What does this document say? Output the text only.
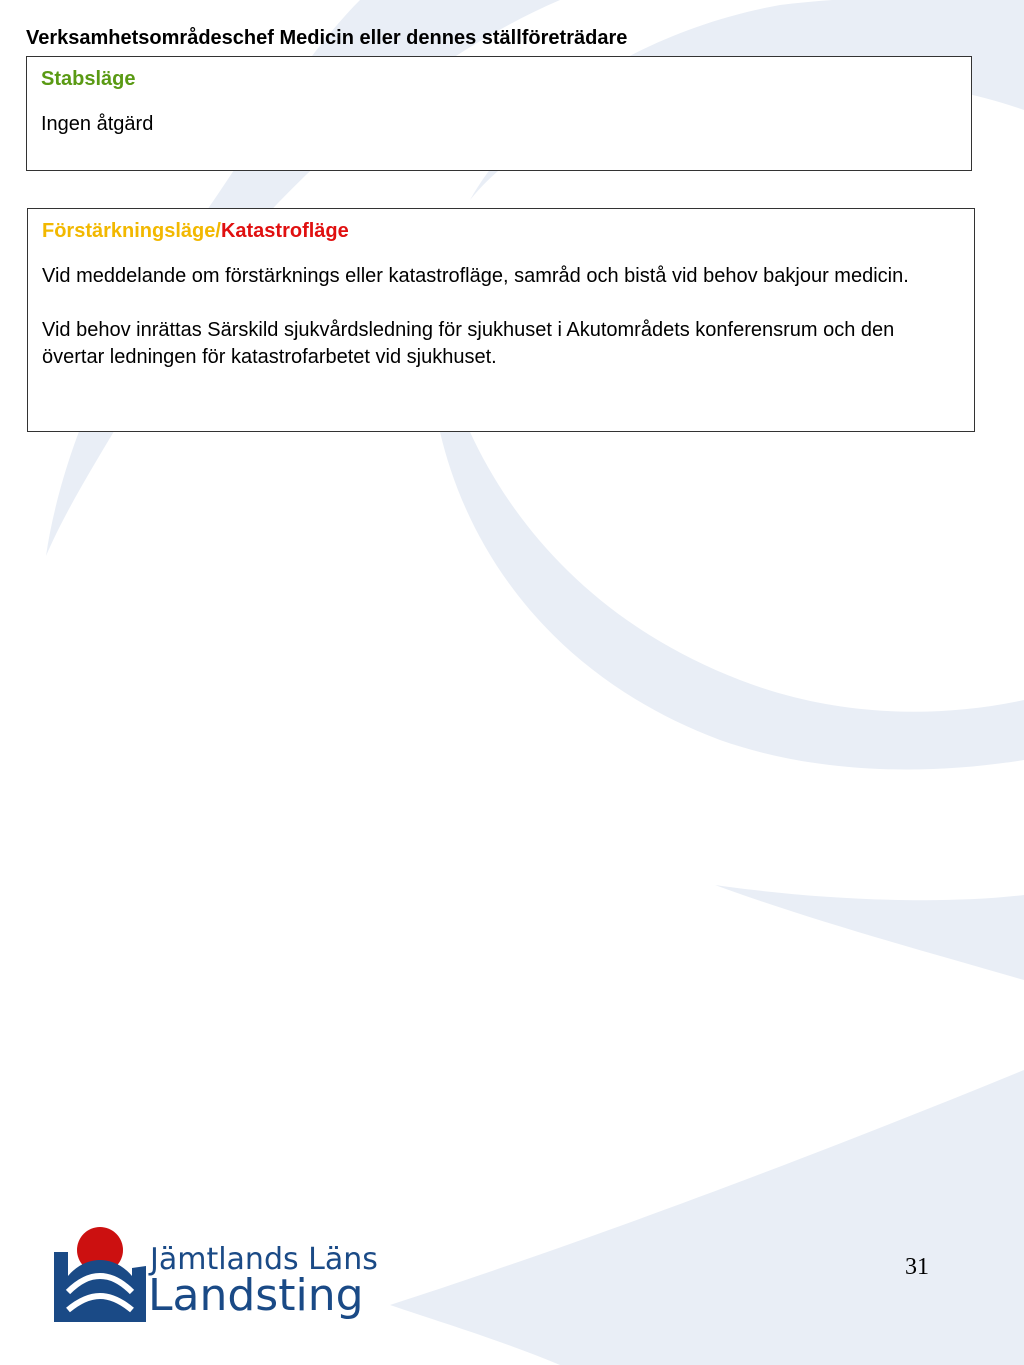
Verksamhetsområdeschef Medicin eller dennes ställföreträdare
Stabsläge

Ingen åtgärd

Förstärkningsläge/Katastrofläge

Vid meddelande om förstärknings eller katastrofläge, samråd och bistå vid behov bakjour medicin.

Vid behov inrättas Särskild sjukvårdsledning för sjukhuset i Akutområdets konferensrum och den övertar ledningen för katastrofarbetet vid sjukhuset.

Jämtlands Läns
Landsting
31
